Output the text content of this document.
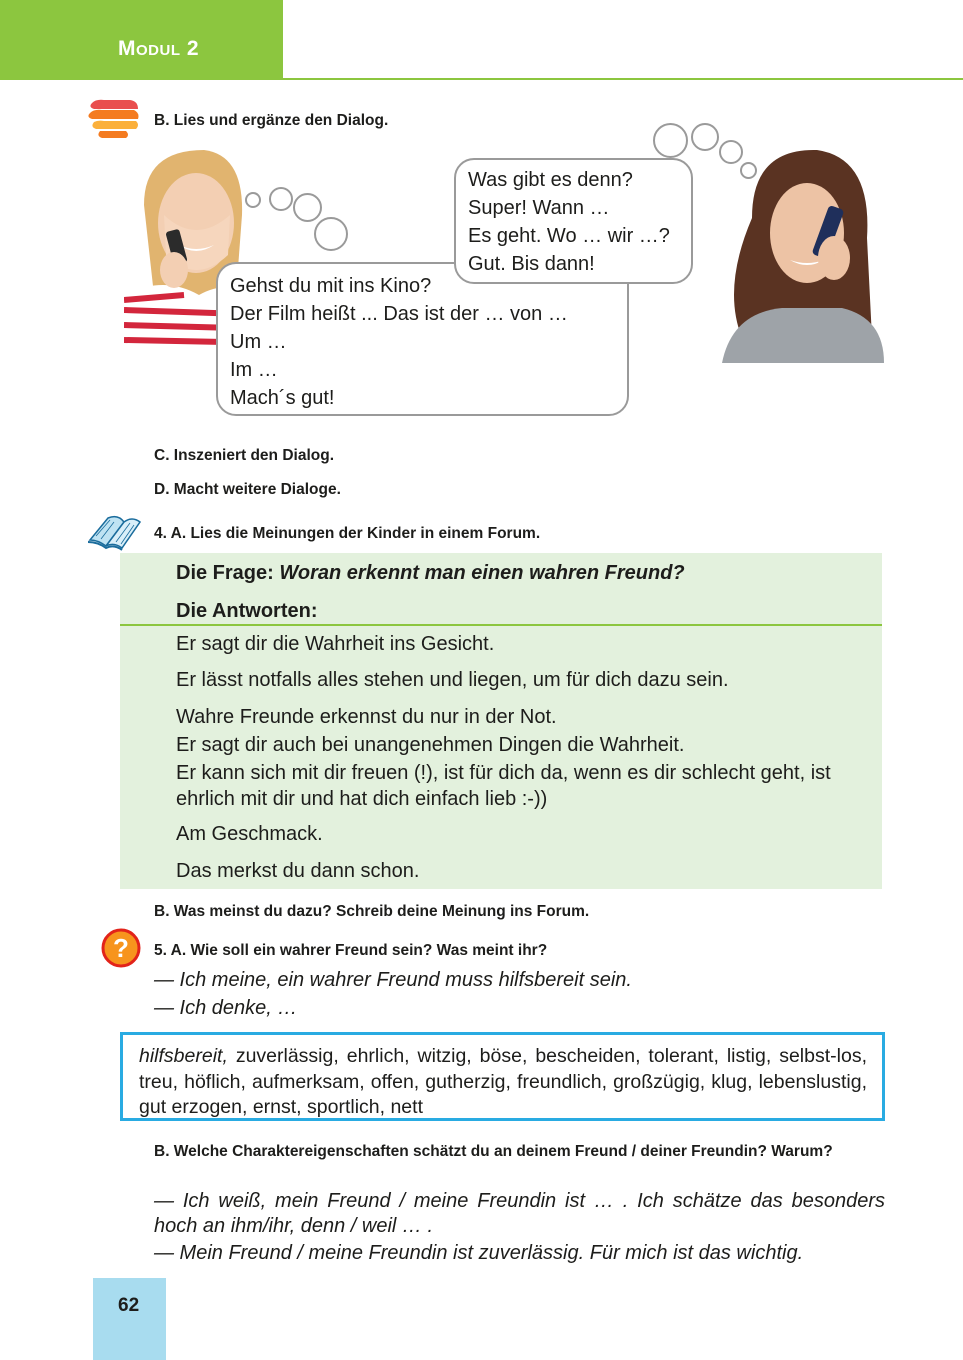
MODUL 2
B. Lies und ergänze den Dialog.
Gehst du mit ins Kino?
Der Film heißt ... Das ist der … von …
Um …
Im …
Mach´s gut!
Was gibt es denn?
Super! Wann …
Es geht. Wo … wir …?
Gut. Bis dann!
C. Inszeniert den Dialog.
D. Macht weitere Dialoge.
4. A. Lies die Meinungen der Kinder in einem Forum.
Die Frage: Woran erkennt man einen wahren Freund?
Die Antworten:
Er sagt dir die Wahrheit ins Gesicht.
Er lässt notfalls alles stehen und liegen, um für dich dazu sein.
Wahre Freunde erkennst du nur in der Not.
Er sagt dir auch bei unangenehmen Dingen die Wahrheit.
Er kann sich mit dir freuen (!), ist für dich da, wenn es dir schlecht geht, ist ehrlich mit dir und hat dich einfach lieb :-))
Am Geschmack.
Das merkst du dann schon.
B. Was meinst du dazu? Schreib deine Meinung ins Forum.
? 5. A. Wie soll ein wahrer Freund sein? Was meint ihr?
— Ich meine, ein wahrer Freund muss hilfsbereit sein.
— Ich denke, …
hilfsbereit, zuverlässig, ehrlich, witzig, böse, bescheiden, tolerant, listig, selbst-los, treu, höflich, aufmerksam, offen, gutherzig, freundlich, großzügig, klug, lebenslustig, gut erzogen, ernst, sportlich, nett
B. Welche Charaktereigenschaften schätzt du an deinem Freund / deiner Freundin? Warum?
— Ich weiß, mein Freund / meine Freundin ist … . Ich schätze das besonders hoch an ihm/ihr, denn / weil … .
— Mein Freund / meine Freundin ist zuverlässig. Für mich ist das wichtig.
62
